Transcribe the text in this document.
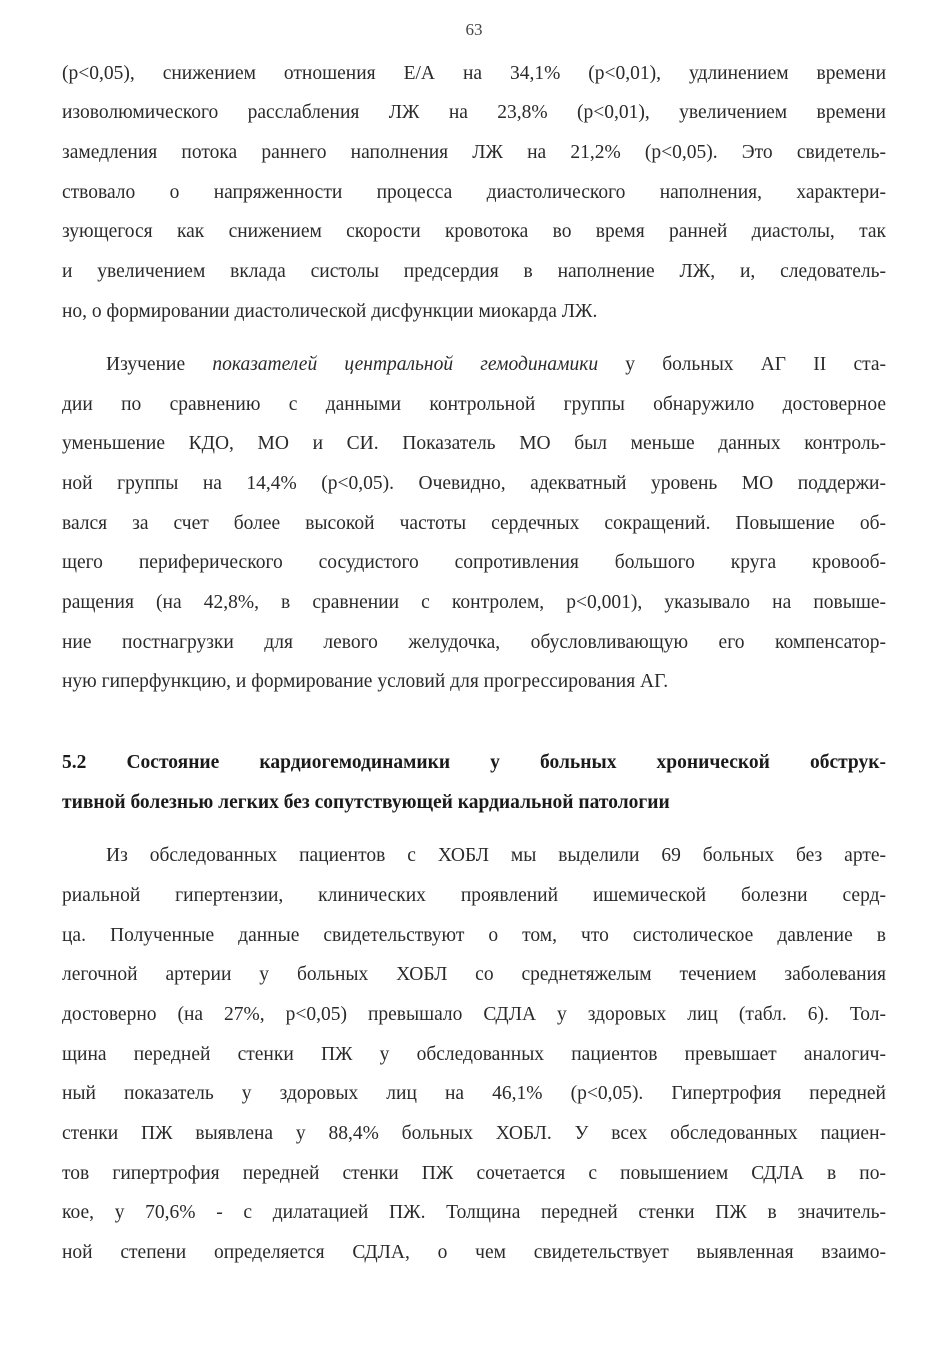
63
(р<0,05), снижением отношения Е/А на 34,1% (р<0,01), удлинением времени
изоволюмического расслабления ЛЖ на 23,8% (р<0,01), увеличением времени
замедления потока раннего наполнения ЛЖ на 21,2% (р<0,05). Это свидетель-
ствовало о напряженности процесса диастолического наполнения, характери-
зующегося как снижением скорости кровотока во время ранней диастолы, так
и увеличением вклада систолы предсердия в наполнение ЛЖ, и, следователь-
но, о формировании диастолической дисфункции миокарда ЛЖ.
Изучение показателей центральной гемодинамики у больных АГ II ста-
дии по сравнению с данными контрольной группы обнаружило достоверное
уменьшение КДО, МО и СИ. Показатель МО был меньше данных контроль-
ной группы на 14,4% (р<0,05). Очевидно, адекватный уровень МО поддержи-
вался за счет более высокой частоты сердечных сокращений. Повышение об-
щего периферического сосудистого сопротивления большого круга кровооб-
ращения (на 42,8%, в сравнении с контролем, р<0,001), указывало на повыше-
ние постнагрузки для левого желудочка, обусловливающую его компенсатор-
ную гиперфункцию, и формирование условий для прогрессирования АГ.
5.2 Состояние кардиогемодинамики у больных хронической обструк-
тивной болезнью легких без сопутствующей кардиальной патологии
Из обследованных пациентов с ХОБЛ мы выделили 69 больных без арте-
риальной гипертензии, клинических проявлений ишемической болезни серд-
ца. Полученные данные свидетельствуют о том, что систолическое давление в
легочной артерии у больных ХОБЛ со среднетяжелым течением заболевания
достоверно (на 27%, р<0,05) превышало СДЛА у здоровых лиц (табл. 6). Тол-
щина передней стенки ПЖ у обследованных пациентов превышает аналогич-
ный показатель у здоровых лиц на 46,1% (р<0,05). Гипертрофия передней
стенки ПЖ выявлена у 88,4% больных ХОБЛ. У всех обследованных пациен-
тов гипертрофия передней стенки ПЖ сочетается с повышением СДЛА в по-
кое, у 70,6% - с дилатацией ПЖ. Толщина передней стенки ПЖ в значитель-
ной степени определяется СДЛА, о чем свидетельствует выявленная взаимо-
